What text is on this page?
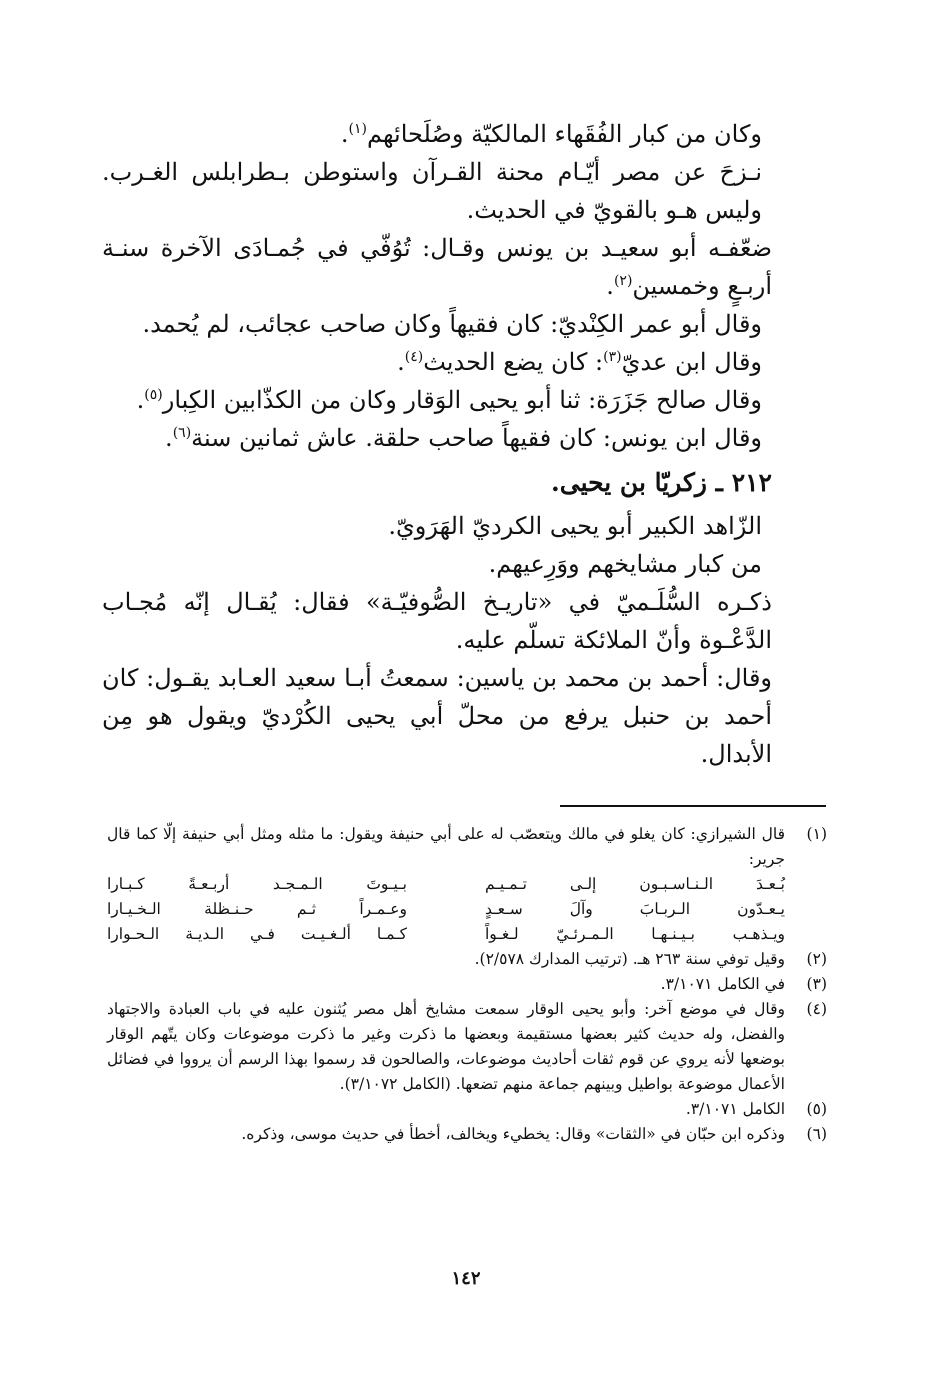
وكان من كبار الفُقَهاء المالكيّة وصُلَحائهم$^{(١)}$.

نـزحَ عن مصر أيّـام محنة القـرآن واستوطن بـطرابلس الغـرب. وليس هـو بالقويّ في الحديث.

ضعّفـه أبو سعيـد بن يونس وقـال: تُوُفّي في جُمـادَى الآخرة سنـة أربـعٍ وخمسين$^{(٢)}$.

وقال أبو عمر الكِنْديّ: كان فقيهاً وكان صاحب عجائب، لم يُحمد.

وقال ابن عديّ$^{(٣)}$: كان يضع الحديث$^{(٤)}$.

وقال صالح جَزَرَة: ثنا أبو يحيى الوَقار وكان من الكذّابين الكِبار$^{(٥)}$.

وقال ابن يونس: كان فقيهاً صاحب حلقة. عاش ثمانين سنة$^{(٦)}$.

٢١٢ ـ زكريّا بن يحيى.

الزّاهد الكبير أبو يحيى الكرديّ الهَرَويّ.

من كبار مشايخهم ووَرِعيهم.

ذكـره السُّلَـميّ في «تاريـخ الصُّوفيّـة» فقال: يُقـال إنّه مُجـاب الدَّعْـوة وأنّ الملائكة تسلّم عليه.

وقال: أحمد بن محمد بن ياسين: سمعتُ أبـا سعيد العـابد يقـول: كان أحمد بن حنبل يرفع من محلّ أبي يحيى الكُرْديّ ويقول هو مِن الأبدال.

(١)
قال الشيرازي: كان يغلو في مالك ويتعصّب له على أبي حنيفة ويقول: ما مثله ومثل أبي حنيفة إلّا كما قال جرير:
بُـعـدَ الـنـاسـبـون إلـى تـمـيـم
بـيـوتَ الـمـجـد أربـعـةً كـبـارا
يـعـدّون الـربـابَ وآلَ سـعـدٍ
وعـمـراً ثـم حـنـظلة الـخـيـارا
ويـذهـب بـيـنـهـا الـمـرئـيّ لـغـواً
كـمـا ألـغـيـت فـي الـديـة الـحـوارا
(٢)
وقيل توفي سنة ٢٦٣ هـ. (ترتيب المدارك ٢/٥٧٨).
(٣)
في الكامل ٣/١٠٧١.
(٤)
وقال في موضع آخر: وأبو يحيى الوقار سمعت مشايخ أهل مصر يُثنون عليه في باب العبادة والاجتهاد والفضل، وله حديث كثير بعضها مستقيمة وبعضها ما ذكرت وغير ما ذكرت موضوعات وكان يتّهم الوقار بوضعها لأنه يروي عن قوم ثقات أحاديث موضوعات، والصالحون قد رسموا بهذا الرسم أن يرووا في فضائل الأعمال موضوعة بواطيل وبينهم جماعة منهم تضعها. (الكامل ٣/١٠٧٢).
(٥)
الكامل ٣/١٠٧١.
(٦)
وذكره ابن حبّان في «الثقات» وقال: يخطيء ويخالف، أخطأ في حديث موسى، وذكره.
١٤٢
